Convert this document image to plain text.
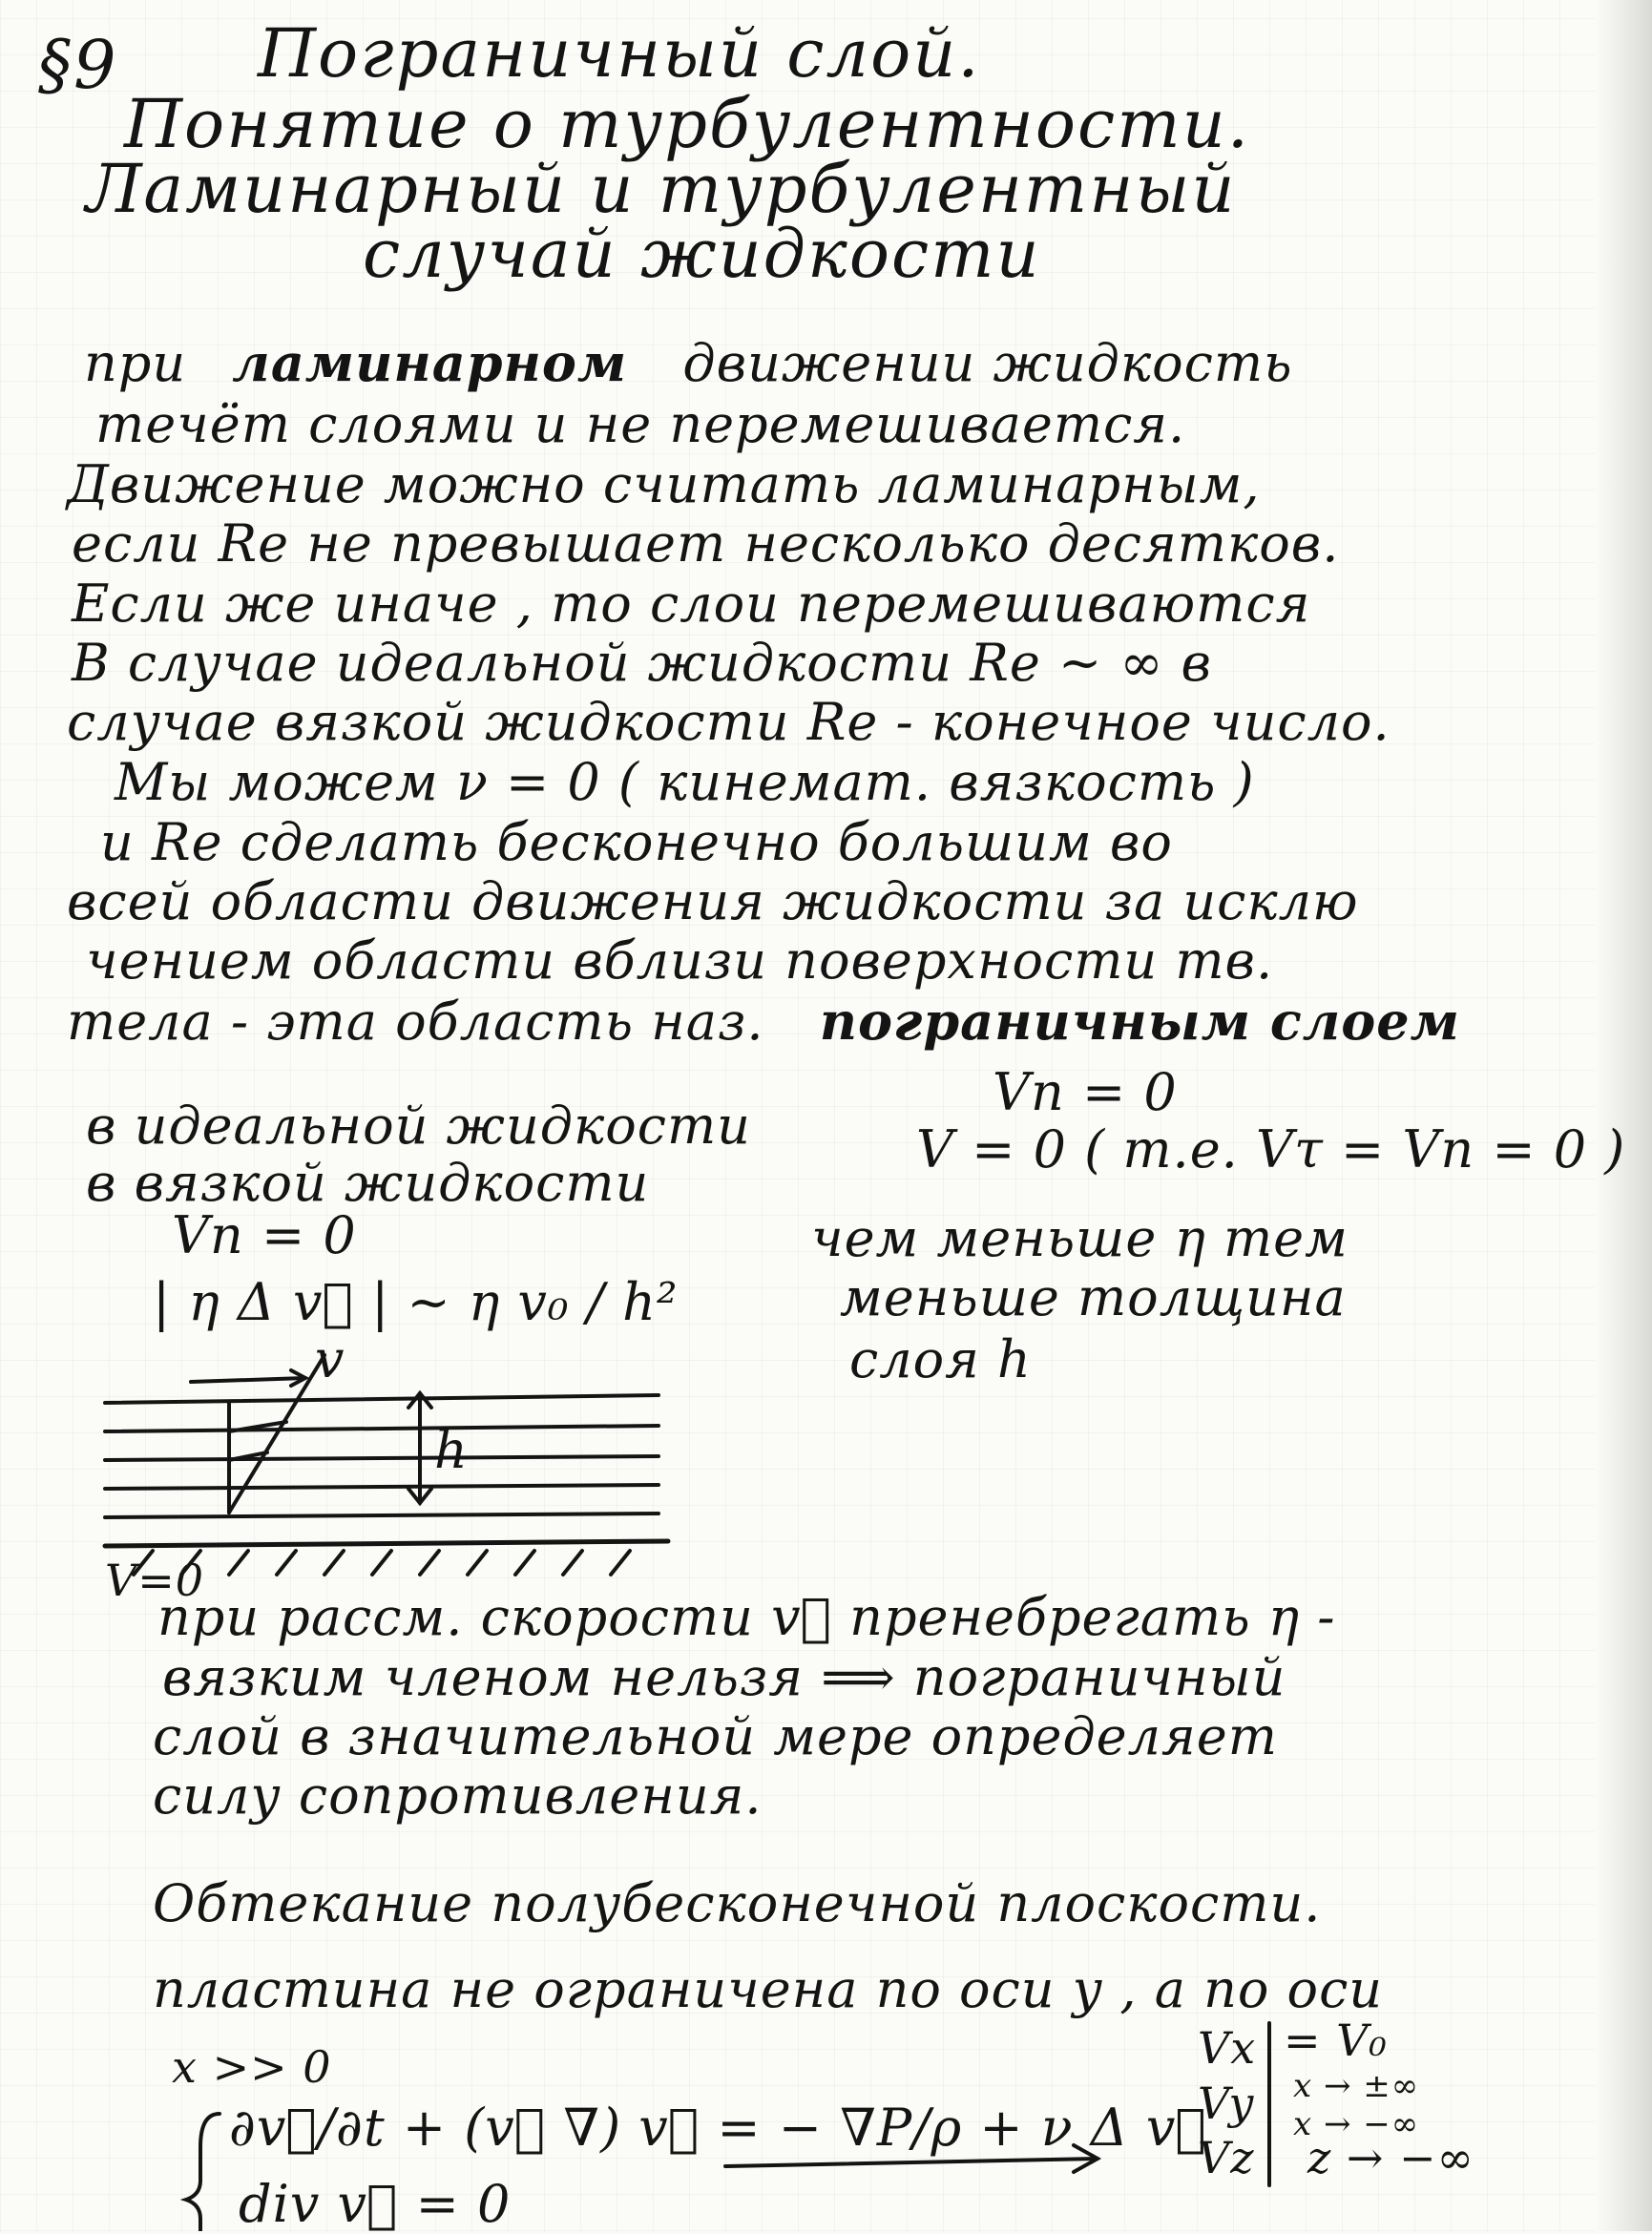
§9 Пограничный слой.
Понятие о турбулентности.
Ламинарный и турбулентный
случай жидкости
при ламинарном движении жидкость
течёт слоями и не перемешивается.
Движение можно считать ламинарным,
если Re не превышает несколько десятков.
Если же иначе , то слои перемешиваются
В случае идеальной жидкости Re ~ ∞ в
случае вязкой жидкости Re - конечное число.
Мы можем ν = 0 ( кинемат. вязкость )
и Re сделать бесконечно большим во
всей области движения жидкости за исклю
чением области вблизи поверхности тв.
тела - эта область наз. пограничным слоем
в идеальной жидкости
Vn = 0
в вязкой жидкости
V = 0 ( т.е. Vτ = Vn = 0 )
Vn = 0
| η Δ v⃗ | ~ η v₀ / h²
чем меньше η тем
меньше толщина
слоя h
v
h
V=0
при рассм. скорости v⃗ пренебрегать η -
вязким членом нельзя ⟹ пограничный
слой в значительной мере определяет
силу сопротивления.
Обтекание полубесконечной плоскости.
пластина не ограничена по оси y , а по оси
x >> 0
∂v⃗/∂t + (v⃗ ∇) v⃗ = − ∇P/ρ + ν Δ v⃗
div v⃗ = 0
Vx = V₀
x → ±∞
Vy x → −∞
Vz z → −∞
